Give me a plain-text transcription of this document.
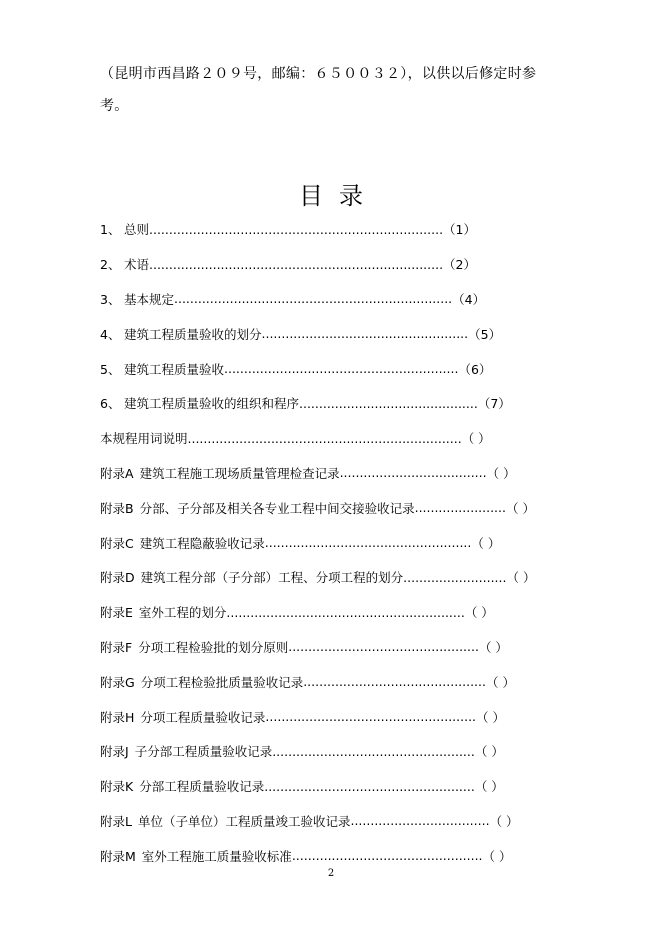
（昆明市西昌路２０９号，邮编：６５００３２），以供以后修定时参

考。

目录
1、 总则 .......................................................................... （1）
2、 术语 .......................................................................... （2）
3、 基本规定 ...................................................................... （4）
4、 建筑工程质量验收的划分 .................................................... （5）
5、 建筑工程质量验收 ........................................................... （6）
6、 建筑工程质量验收的组织和程序 ............................................. （7）
本规程用词说明 ..................................................................... （ ）
附录A 建筑工程施工现场质量管理检查记录 ..................................... （ ）
附录B 分部、子分部及相关各专业工程中间交接验收记录 ....................... （ ）
附录C 建筑工程隐蔽验收记录 .................................................... （ ）
附录D 建筑工程分部（子分部）工程、分项工程的划分 .......................... （ ）
附录E 室外工程的划分 ............................................................ （ ）
附录F 分项工程检验批的划分原则 ................................................ （ ）
附录G 分项工程检验批质量验收记录 .............................................. （ ）
附录H 分项工程质量验收记录 ..................................................... （ ）
附录J 子分部工程质量验收记录 ................................................... （ ）
附录K 分部工程质量验收记录 ..................................................... （ ）
附录L 单位（子单位）工程质量竣工验收记录 ................................... （ ）
附录M 室外工程施工质量验收标准 ................................................ （ ）
2
